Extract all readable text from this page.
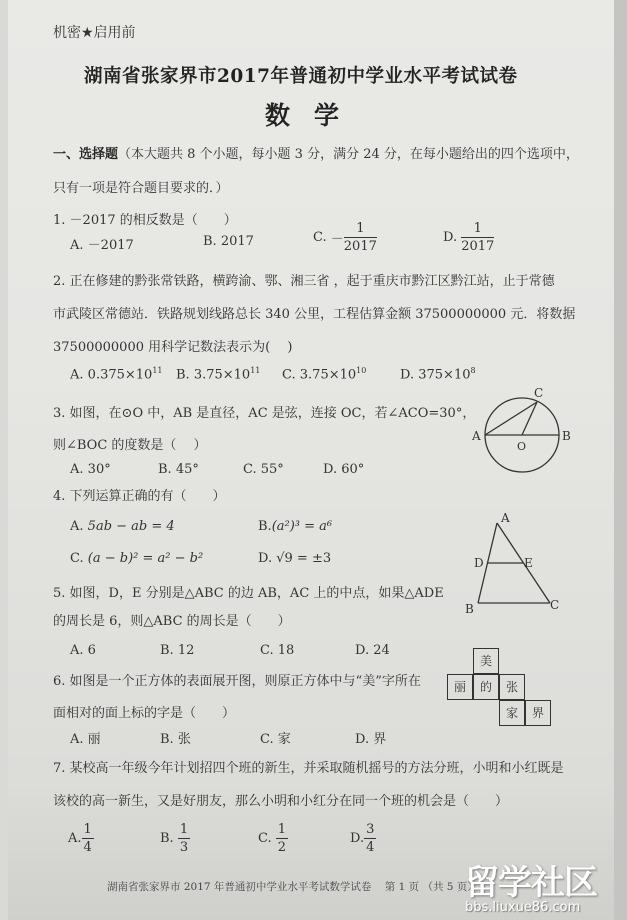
机密★启用前
湖南省张家界市2017年普通初中学业水平考试试卷
数学
一、选择题（本大题共 8 个小题，每小题 3 分，满分 24 分，在每小题给出的四个选项中，
只有一项是符合题目要求的．）
1. －2017 的相反数是（　　）
A. －2017	B. 2017	C. － $\frac{1}{2017}$	D. $\frac{1}{2017}$
2. 正在修建的黔张常铁路，横跨渝、鄂、湘三省 ，起于重庆市黔江区黔江站，止于常德
市武陵区常德站．铁路规划线路总长 340 公里，工程估算金额 37500000000 元．将数据
37500000000 用科学记数法表示为(　 )
A. $0.375\times 10^{11}$ B. $3.75\times 10^{11}$ C. $3.75\times 10^{10}$	D. $375\times 10^8$
3. 如图，在⊙O 中，AB 是直径，AC 是弦，连接 OC，若∠ACO=30°，
则∠BOC 的度数是（　 ）
A. 30°	B. 45°	C. 55°	D. 60°
A	B
C
O
4. 下列运算正确的有（　　）
A. 5ab − ab = 4	B.(a²)³ = a⁶
C. (a − b)² = a² − b²	D. √9 = ±3
A
D	E
B	C
5. 如图，D，E 分别是△ABC 的边 AB，AC 上的中点，如果△ADE
的周长是 6，则△ABC 的周长是（　　）
A. 6	B. 12	C. 18	D. 24
6. 如图是一个正方体的表面展开图，则原正方体中与“美”字所在
面相对的面上标的字是（　　）
A. 丽	B. 张	C. 家	D. 界
美
丽	的	张
家	界
7. 某校高一年级今年计划招四个班的新生，并采取随机摇号的方法分班，小明和小红既是
该校的高一新生，又是好朋友，那么小明和小红分在同一个班的机会是（　　）
A. $\frac{1}{4}$	B. $\frac{1}{3}$	C. $\frac{1}{2}$	D. $\frac{3}{4}$
湖南省张家界市 2017 年普通初中学业水平考试数学试卷 第 1 页 （共 5 页）
留学社区
bbs.liuxue86.com
